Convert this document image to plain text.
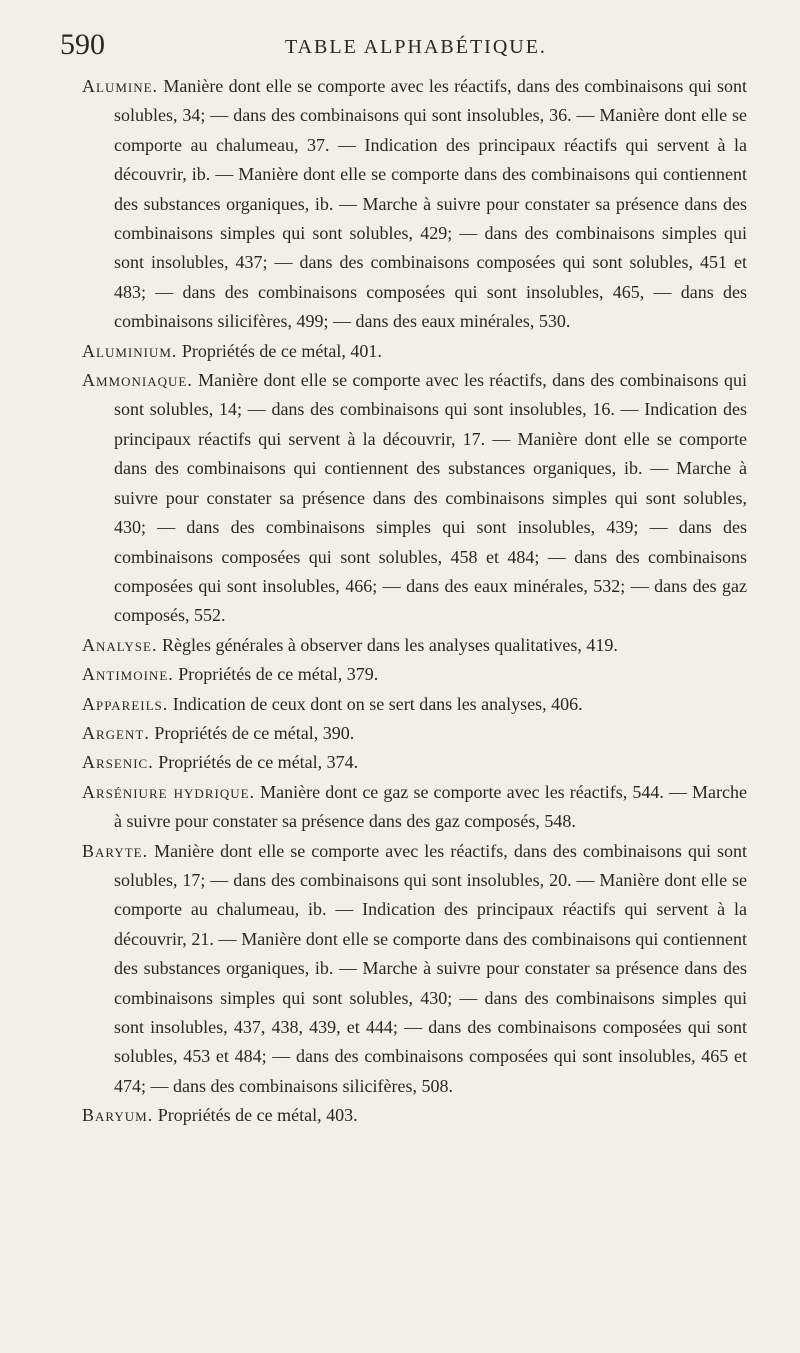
590	TABLE ALPHABÉTIQUE.

Alumine. Manière dont elle se comporte avec les réactifs, dans des combinaisons qui sont solubles, 34; — dans des combinaisons qui sont insolubles, 36. — Manière dont elle se comporte au chalumeau, 37. — Indication des principaux réactifs qui servent à la découvrir, ib. — Manière dont elle se comporte dans des combinaisons qui contiennent des substances organiques, ib. — Marche à suivre pour constater sa présence dans des combinaisons simples qui sont solubles, 429; — dans des combinaisons simples qui sont insolubles, 437; — dans des combinaisons composées qui sont solubles, 451 et 483; — dans des combinaisons composées qui sont insolubles, 465, — dans des combinaisons silicifères, 499; — dans des eaux minérales, 530.

Aluminium. Propriétés de ce métal, 401.

Ammoniaque. Manière dont elle se comporte avec les réactifs, dans des combinaisons qui sont solubles, 14; — dans des combinaisons qui sont insolubles, 16. — Indication des principaux réactifs qui servent à la découvrir, 17. — Manière dont elle se comporte dans des combinaisons qui contiennent des substances organiques, ib. — Marche à suivre pour constater sa présence dans des combinaisons simples qui sont solubles, 430; — dans des combinaisons simples qui sont insolubles, 439; — dans des combinaisons composées qui sont solubles, 458 et 484; — dans des combinaisons composées qui sont insolubles, 466; — dans des eaux minérales, 532; — dans des gaz composés, 552.

Analyse. Règles générales à observer dans les analyses qualitatives, 419.

Antimoine. Propriétés de ce métal, 379.

Appareils. Indication de ceux dont on se sert dans les analyses, 406.

Argent. Propriétés de ce métal, 390.

Arsenic. Propriétés de ce métal, 374.

Arséniure hydrique. Manière dont ce gaz se comporte avec les réactifs, 544. — Marche à suivre pour constater sa présence dans des gaz composés, 548.

Baryte. Manière dont elle se comporte avec les réactifs, dans des combinaisons qui sont solubles, 17; — dans des combinaisons qui sont insolubles, 20. — Manière dont elle se comporte au chalumeau, ib. — Indication des principaux réactifs qui servent à la découvrir, 21. — Manière dont elle se comporte dans des combinaisons qui contiennent des substances organiques, ib. — Marche à suivre pour constater sa présence dans des combinaisons simples qui sont solubles, 430; — dans des combinaisons simples qui sont insolubles, 437, 438, 439, et 444; — dans des combinaisons composées qui sont solubles, 453 et 484; — dans des combinaisons composées qui sont insolubles, 465 et 474; — dans des combinaisons silicifères, 508.

Baryum. Propriétés de ce métal, 403.
